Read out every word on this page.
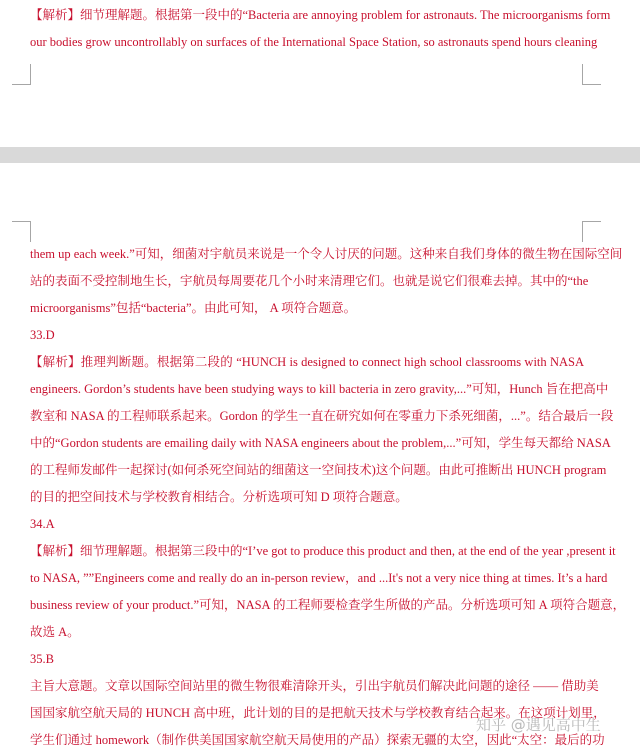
【解析】细节理解题。根据第一段中的“Bacteria are annoying problem for astronauts. The microorganisms form
our bodies grow uncontrollably on surfaces of the International Space Station, so astronauts spend hours cleaning
them up each week.”可知，细菌对宇航员来说是一个令人讨厌的问题。这种来自我们身体的微生物在国际空间
站的表面不受控制地生长，宇航员每周要花几个小时来清理它们。也就是说它们很难去掉。其中的“the
microorganisms”包括“bacteria”。由此可知， A 项符合题意。
33.D
【解析】推理判断题。根据第二段的 “HUNCH is designed to connect high school classrooms with NASA
engineers. Gordon’s students have been studying ways to kill bacteria in zero gravity,...”可知，Hunch 旨在把高中
教室和 NASA 的工程师联系起来。Gordon 的学生一直在研究如何在零重力下杀死细菌，...”。结合最后一段
中的“Gordon students are emailing daily with NASA engineers about the problem,...”可知，学生每天都给 NASA
的工程师发邮件一起探讨(如何杀死空间站的细菌这一空间技术)这个问题。由此可推断出 HUNCH program
的目的把空间技术与学校教育相结合。分析选项可知 D 项符合题意。
34.A
【解析】细节理解题。根据第三段中的“I’ve got to produce this product and then, at the end of the year ,present it
to NASA, ””Engineers come and really do an in-person review，and ...It's not a very nice thing at times. It’s a hard
business review of your product.”可知，NASA 的工程师要检查学生所做的产品。分析选项可知 A 项符合题意，
故选 A。
35.B
主旨大意题。文章以国际空间站里的微生物很难清除开头，引出宇航员们解决此问题的途径 —— 借助美
国国家航空航天局的 HUNCH 高中班，此计划的目的是把航天技术与学校教育结合起来。在这项计划里，
学生们通过 homework（制作供美国国家航空航天局使用的产品）探索无疆的太空，因此“太空：最后的功
知乎 @遇见高中生
